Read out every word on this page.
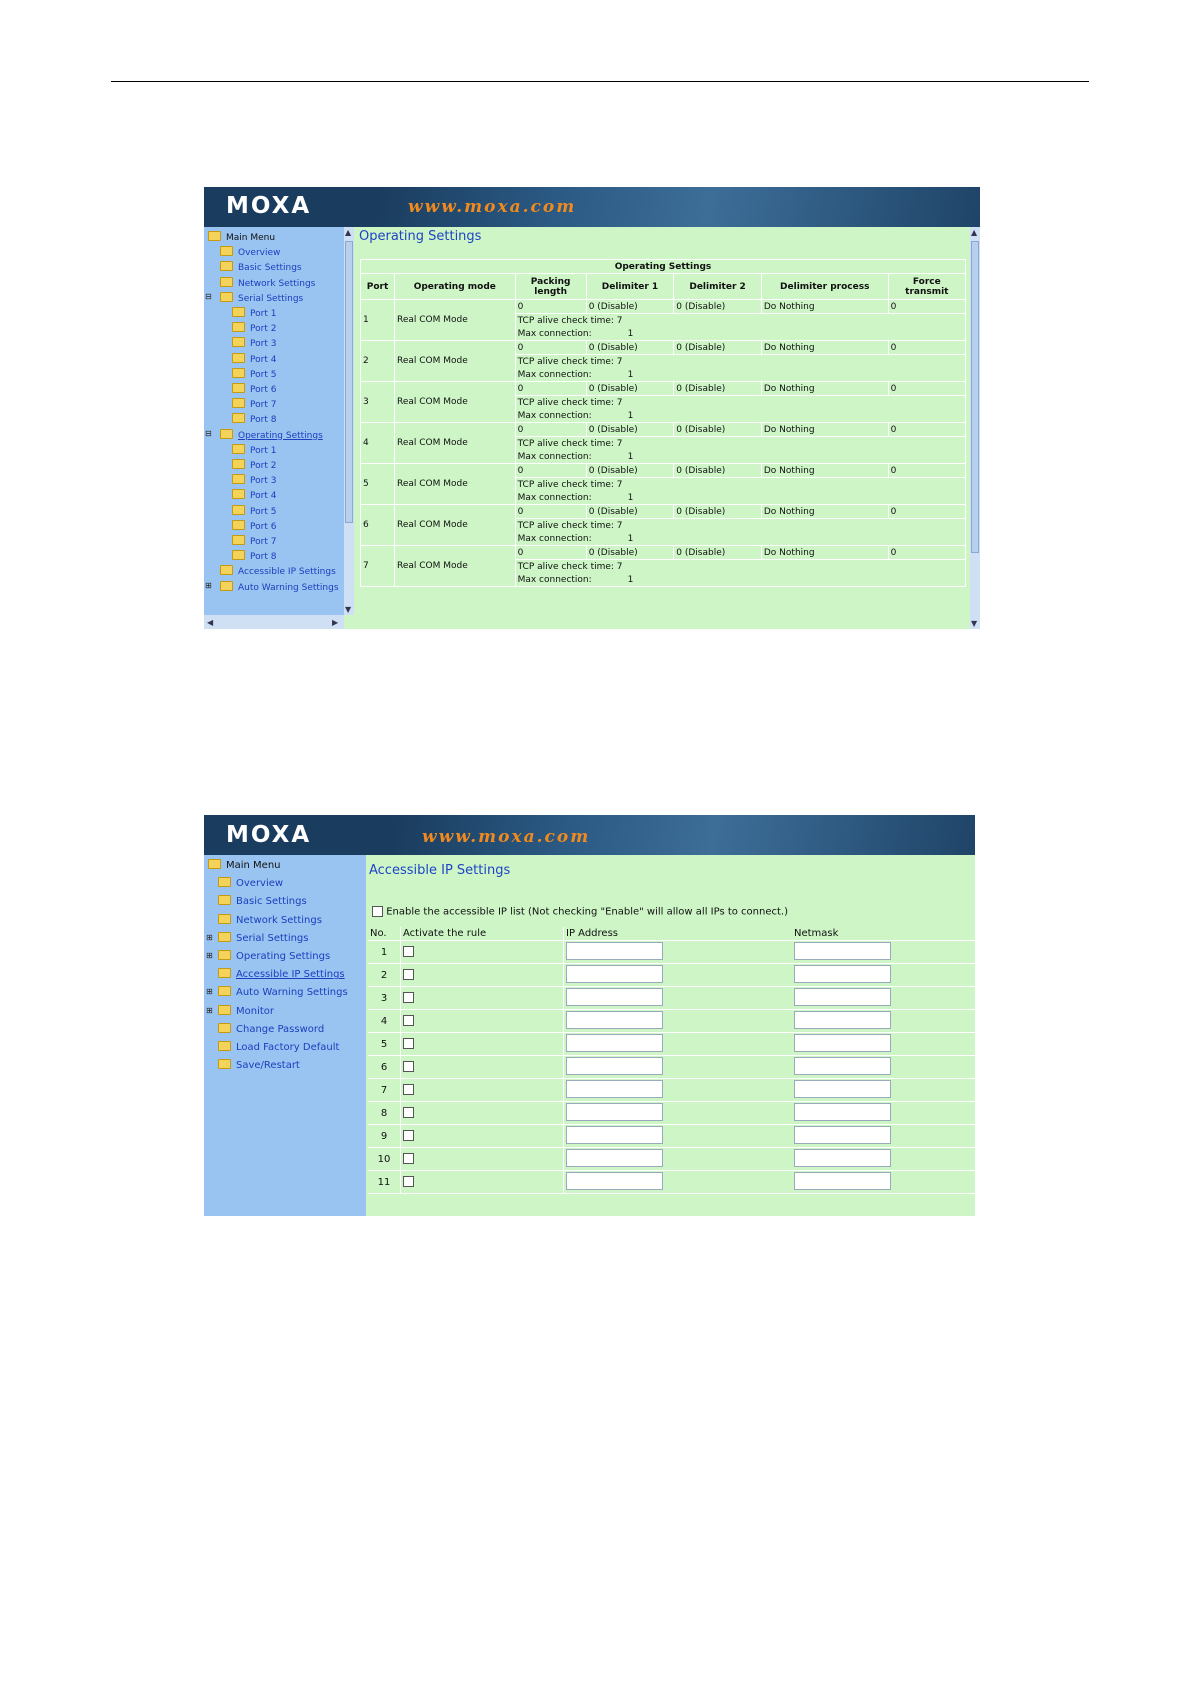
MOXA	www.moxa.com
Main Menu
Overview
Basic Settings
Network Settings
Serial Settings
⊟
Port 1
Port 2
Port 3
Port 4
Port 5
Port 6
Port 7
Port 8
Operating Settings
⊟
Port 1
Port 2
Port 3
Port 4
Port 5
Port 6
Port 7
Port 8
Accessible IP Settings
Auto Warning Settings
⊞
▲
▼
◀	▶
Operating Settings
Operating Settings						
Port	Operating mode	Packing length	Delimiter 1	Delimiter 2	Delimiter process	Force transmit
1	Real COM Mode	0	0 (Disable)	0 (Disable)	Do Nothing	0
		TCP alive check time: 7				
		Max connection: 1				
2	Real COM Mode	0	0 (Disable)	0 (Disable)	Do Nothing	0
		TCP alive check time: 7				
		Max connection: 1				
3	Real COM Mode	0	0 (Disable)	0 (Disable)	Do Nothing	0
		TCP alive check time: 7				
		Max connection: 1				
4	Real COM Mode	0	0 (Disable)	0 (Disable)	Do Nothing	0
		TCP alive check time: 7				
		Max connection: 1				
5	Real COM Mode	0	0 (Disable)	0 (Disable)	Do Nothing	0
		TCP alive check time: 7				
		Max connection: 1				
6	Real COM Mode	0	0 (Disable)	0 (Disable)	Do Nothing	0
		TCP alive check time: 7				
		Max connection: 1				
7	Real COM Mode	0	0 (Disable)	0 (Disable)	Do Nothing	0
		TCP alive check time: 7				
		Max connection: 1				
▲
▼
MOXA	www.moxa.com
Main Menu
Overview
Basic Settings
Network Settings
Serial Settings
⊞
Operating Settings
⊞
Accessible IP Settings
Auto Warning Settings
⊞
Monitor
⊞
Change Password
Load Factory Default
Save/Restart
Accessible IP Settings
Enable the accessible IP list (Not checking "Enable" will allow all IPs to connect.)
No.	Activate the rule	IP Address	Netmask
1			
2			
3			
4			
5			
6			
7			
8			
9			
10			
11			
